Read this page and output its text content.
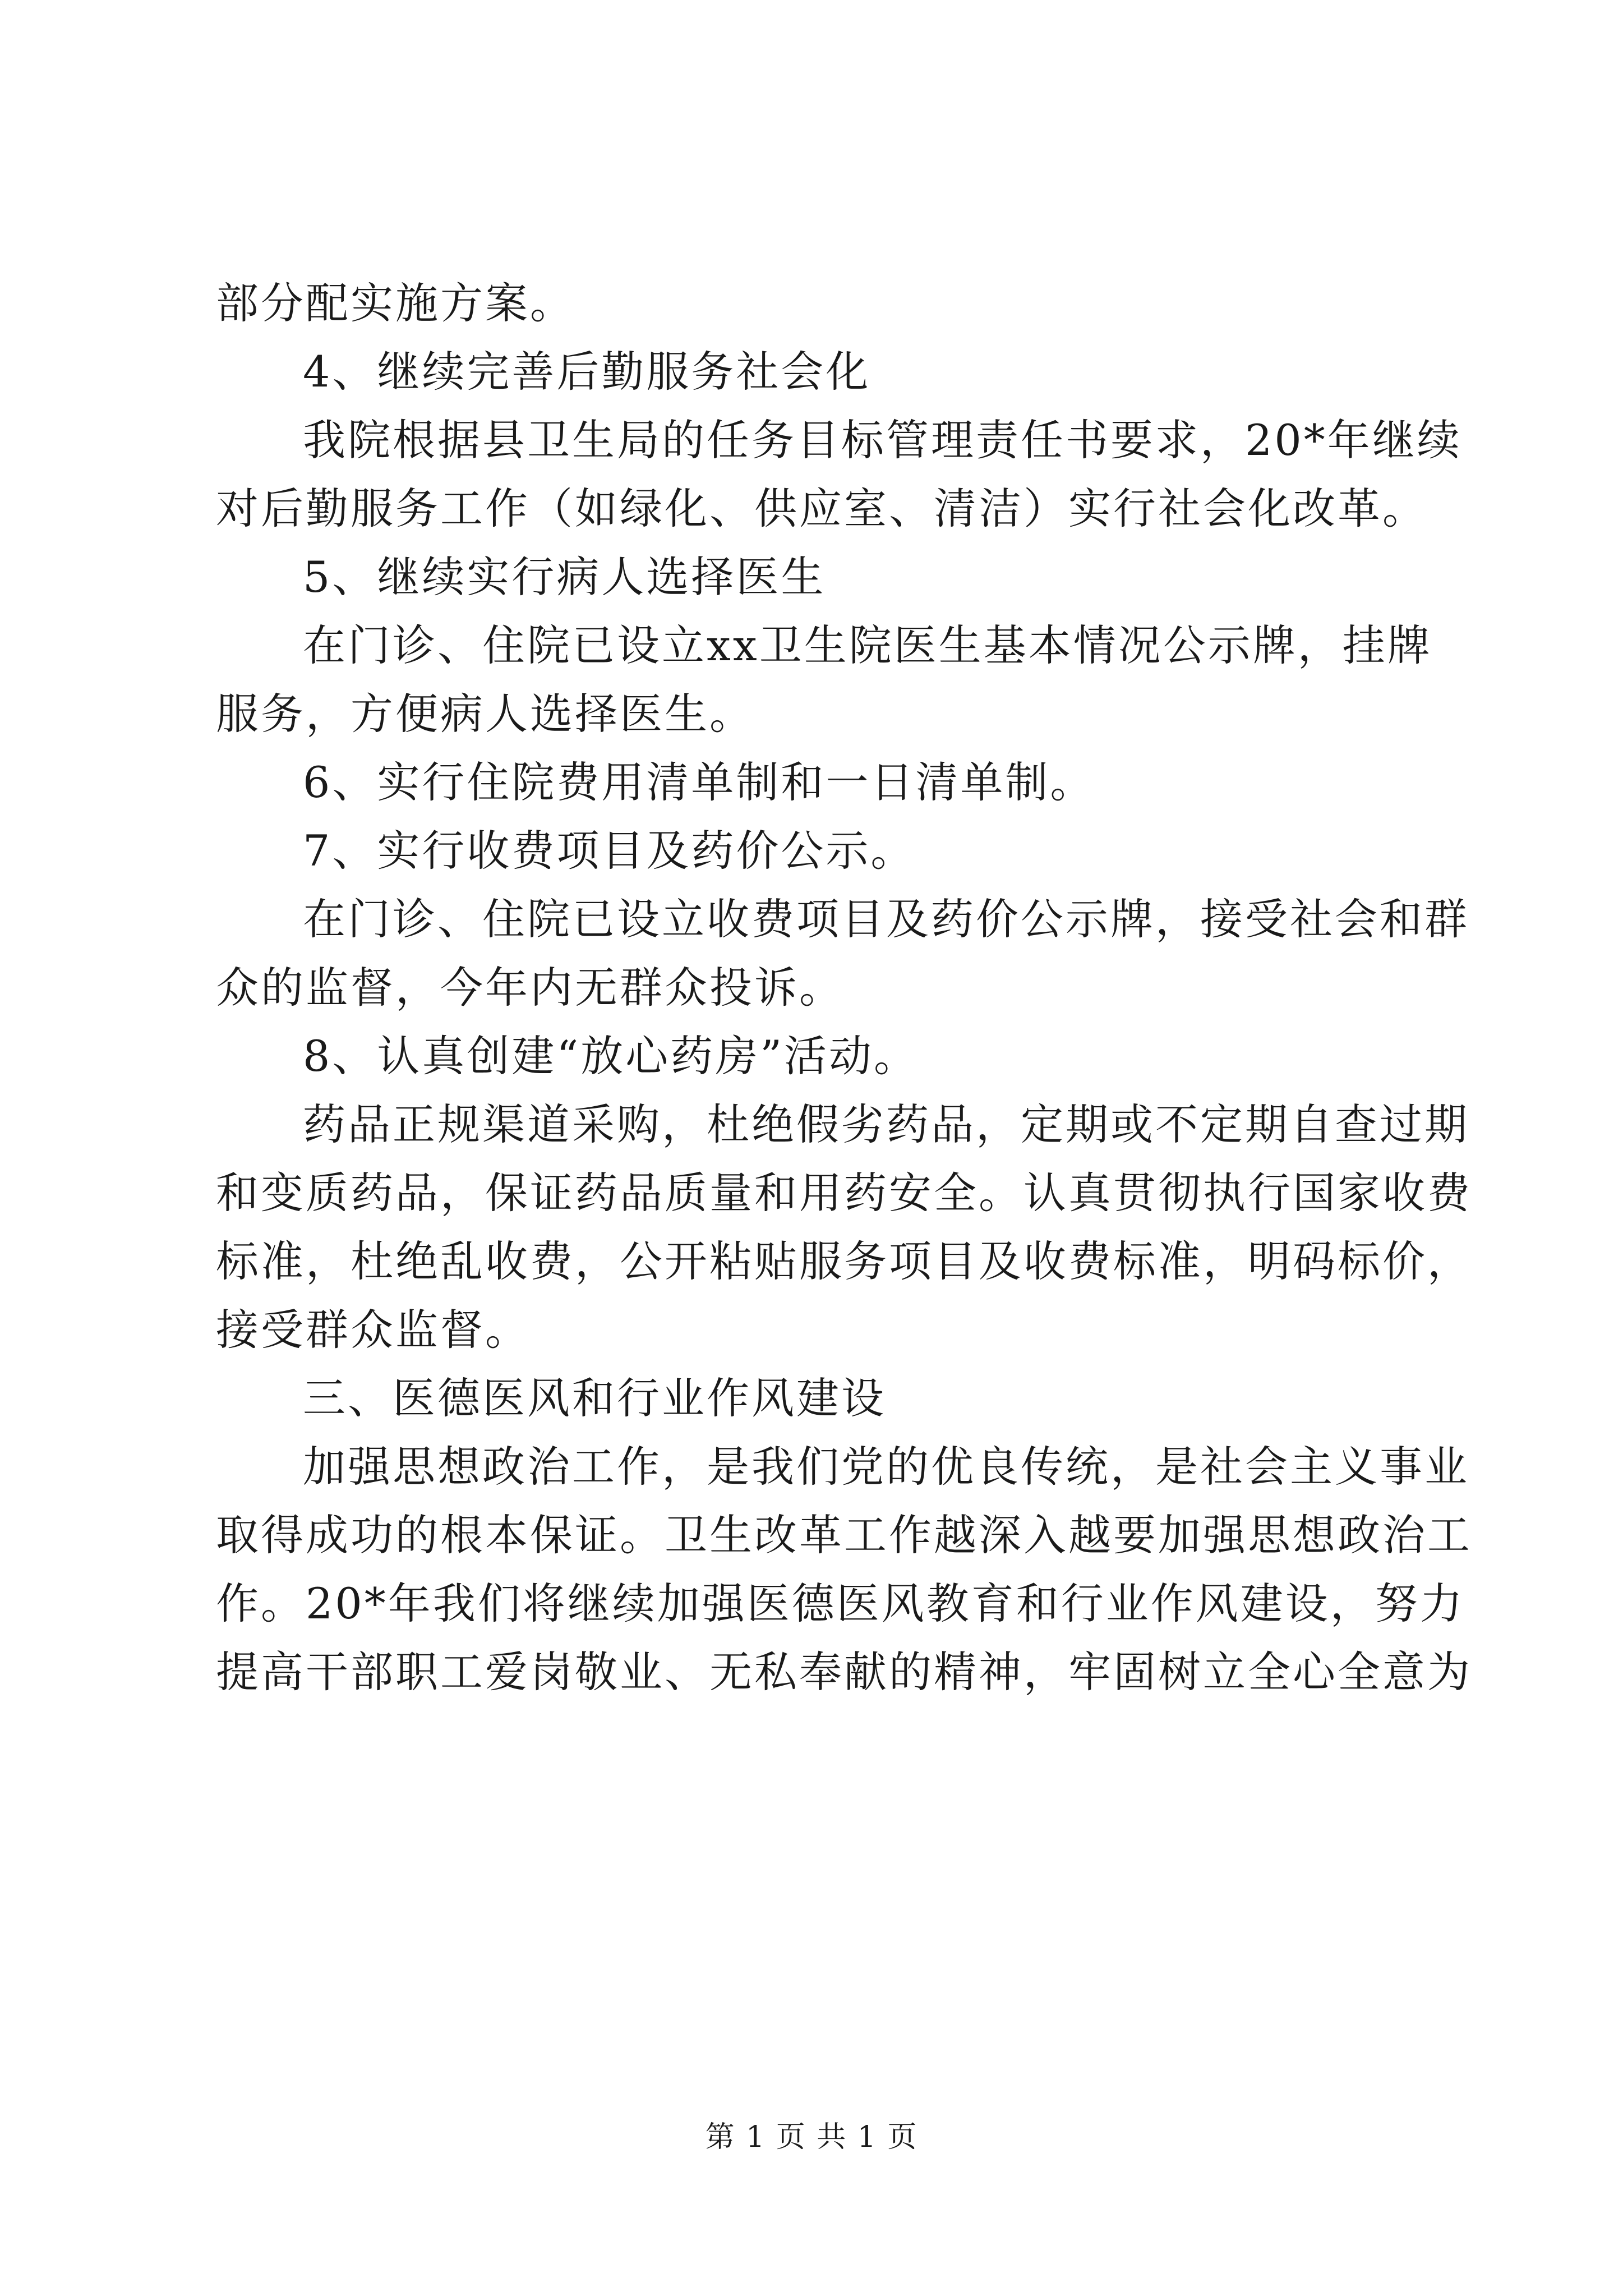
部分配实施方案。
4、继续完善后勤服务社会化
我院根据县卫生局的任务目标管理责任书要求，20*年继续
对后勤服务工作（如绿化、供应室、清洁）实行社会化改革。
5、继续实行病人选择医生
在门诊、住院已设立xx卫生院医生基本情况公示牌，挂牌
服务，方便病人选择医生。
6、实行住院费用清单制和一日清单制。
7、实行收费项目及药价公示。
在门诊、住院已设立收费项目及药价公示牌，接受社会和群
众的监督，今年内无群众投诉。
8、认真创建“放心药房”活动。
药品正规渠道采购，杜绝假劣药品，定期或不定期自查过期
和变质药品，保证药品质量和用药安全。认真贯彻执行国家收费
标准，杜绝乱收费，公开粘贴服务项目及收费标准，明码标价，
接受群众监督。
三、医德医风和行业作风建设
加强思想政治工作，是我们党的优良传统，是社会主义事业
取得成功的根本保证。卫生改革工作越深入越要加强思想政治工
作。20*年我们将继续加强医德医风教育和行业作风建设，努力
提高干部职工爱岗敬业、无私奉献的精神，牢固树立全心全意为
第 1 页 共 1 页
